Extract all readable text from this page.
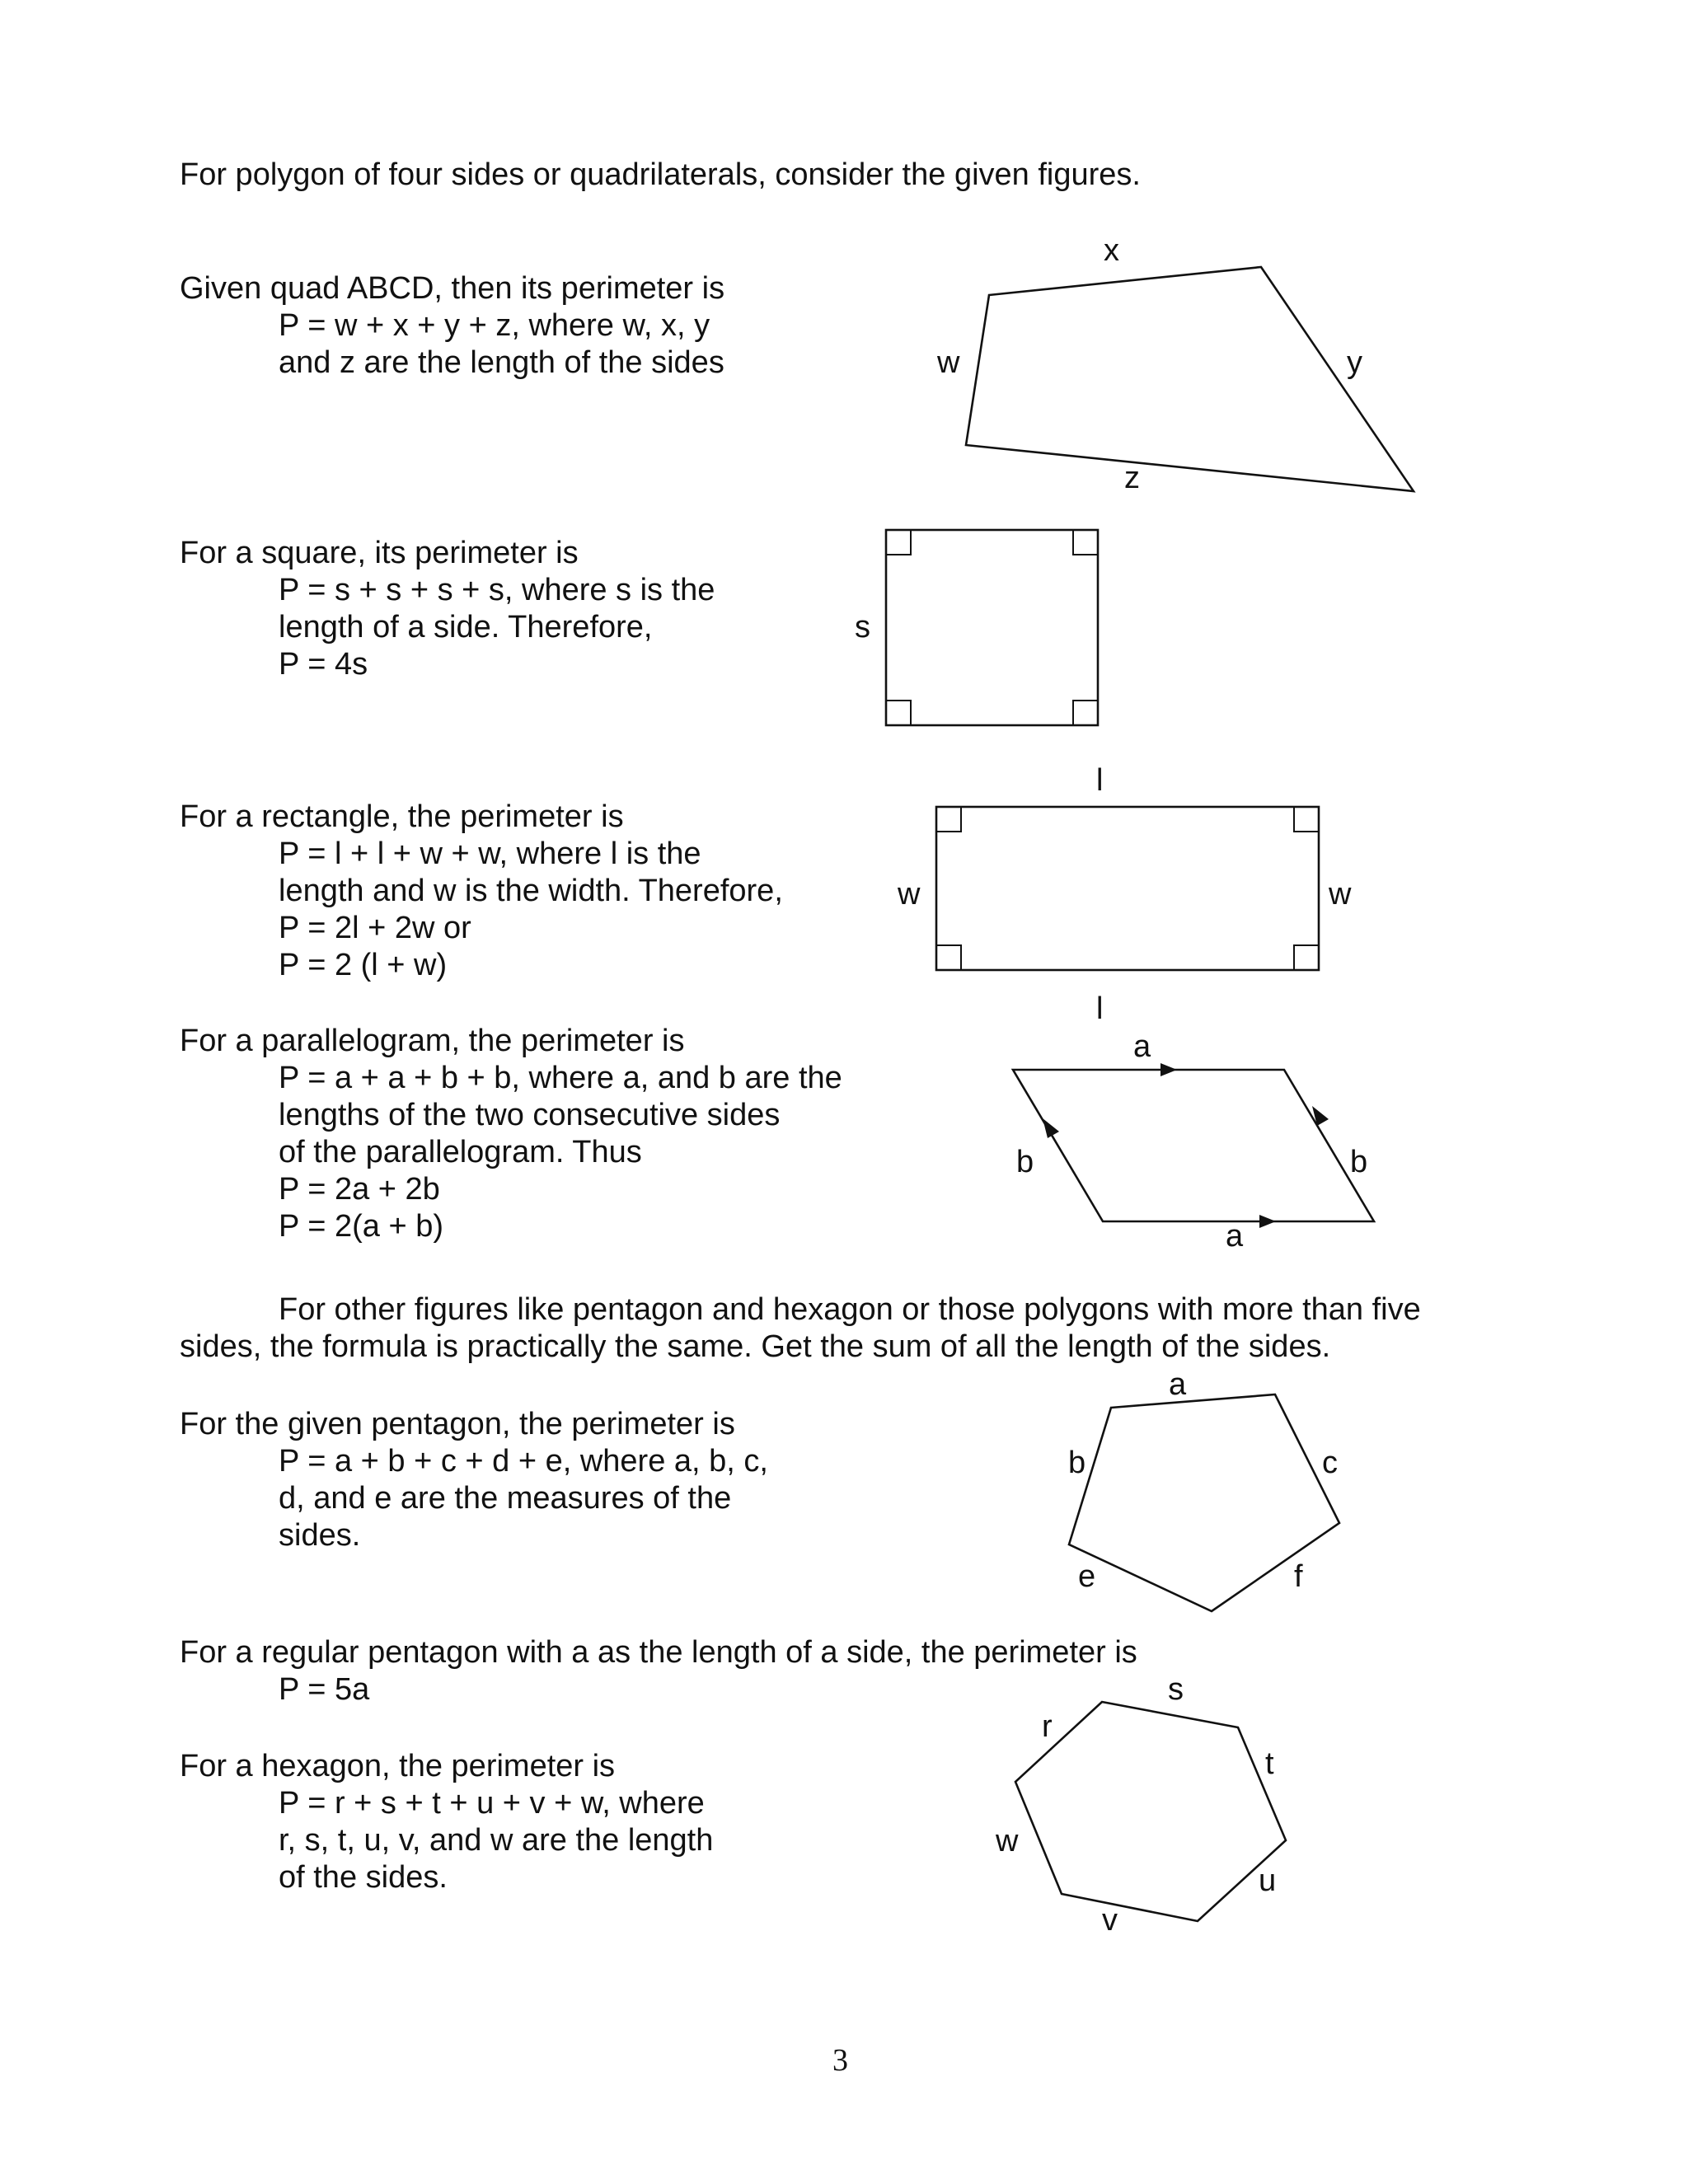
For polygon of four sides or quadrilaterals, consider the given figures.
Given quad ABCD, then its perimeter is
P = w + x + y + z, where w, x, y
and z are the length of the sides
For a square, its perimeter is
P = s + s + s + s, where s is the
length of a side. Therefore,
P = 4s
For a rectangle, the perimeter is
P = l + l + w + w, where l is the
length and w is the width. Therefore,
P = 2l + 2w or
P = 2 (l + w)
For a parallelogram, the perimeter is
P = a + a + b + b, where a, and b are the
lengths of the two consecutive sides
of the parallelogram. Thus
P = 2a + 2b
P = 2(a + b)
For other figures like pentagon and hexagon or those polygons with more than five
sides, the formula is practically the same. Get the sum of all the length of the sides.
For the given pentagon, the perimeter is
P = a + b + c + d + e, where a, b, c,
d, and e are the measures of the
sides.
For a regular pentagon with a as the length of a side, the perimeter is
P = 5a
For a hexagon, the perimeter is
P = r + s + t + u + v + w, where
r, s, t, u, v, and w are the length
of the sides.
x
w	y
z
s
l
w	w
l
a
b	b
a
a
b	c
e	f
r
s
t
u
v
w
3
